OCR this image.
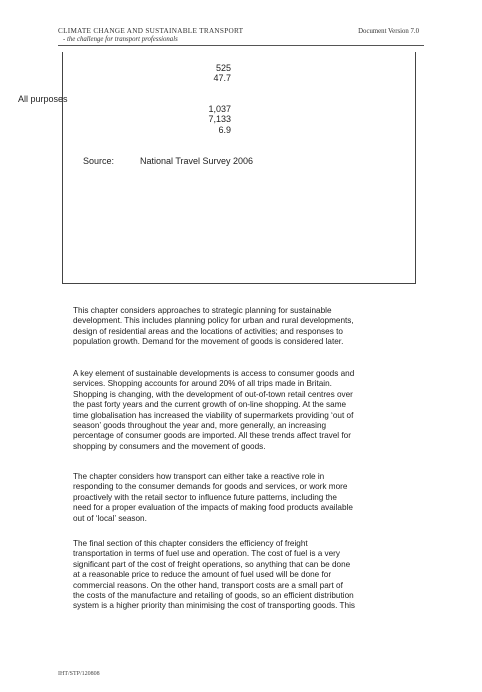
CLIMATE CHANGE AND SUSTAINABLE TRANSPORT
- the challenge for transport professionals
Document Version 7.0
525
47.7
All purposes
1,037
7,133
6.9
Source:	National Travel Survey 2006
This chapter considers approaches to strategic planning for sustainable
development. This includes planning policy for urban and rural developments,
design of residential areas and the locations of activities; and responses to
population growth. Demand for the movement of goods is considered later.
A key element of sustainable developments is access to consumer goods and
services. Shopping accounts for around 20% of all trips made in Britain.
Shopping is changing, with the development of out-of-town retail centres over
the past forty years and the current growth of on-line shopping. At the same
time globalisation has increased the viability of supermarkets providing ‘out of
season’ goods throughout the year and, more generally, an increasing
percentage of consumer goods are imported. All these trends affect travel for
shopping by consumers and the movement of goods.
The chapter considers how transport can either take a reactive role in
responding to the consumer demands for goods and services, or work more
proactively with the retail sector to influence future patterns, including the
need for a proper evaluation of the impacts of making food products available
out of ‘local’ season.
The final section of this chapter considers the efficiency of freight
transportation in terms of fuel use and operation. The cost of fuel is a very
significant part of the cost of freight operations, so anything that can be done
at a reasonable price to reduce the amount of fuel used will be done for
commercial reasons. On the other hand, transport costs are a small part of
the costs of the manufacture and retailing of goods, so an efficient distribution
system is a higher priority than minimising the cost of transporting goods. This
IHT/STP/120808
